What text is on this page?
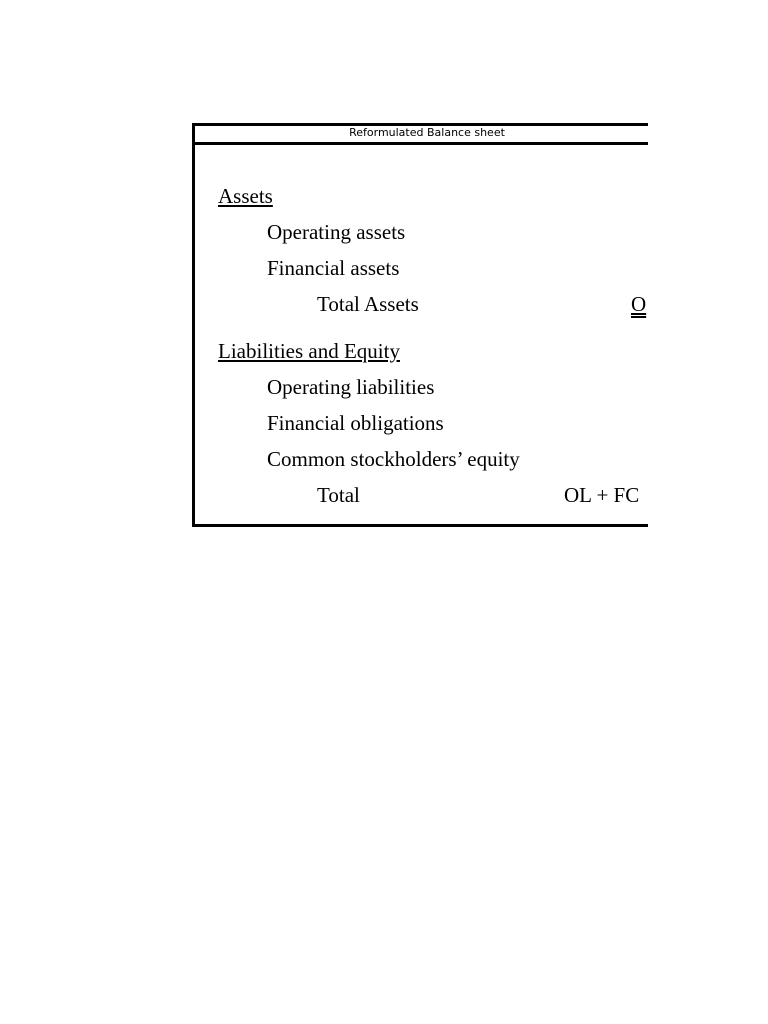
Reformulated Balance sheet
Assets
Operating assets
Financial assets
Total Assets	O
Liabilities and Equity
Operating liabilities
Financial obligations
Common stockholders’ equity
Total	OL + FC
